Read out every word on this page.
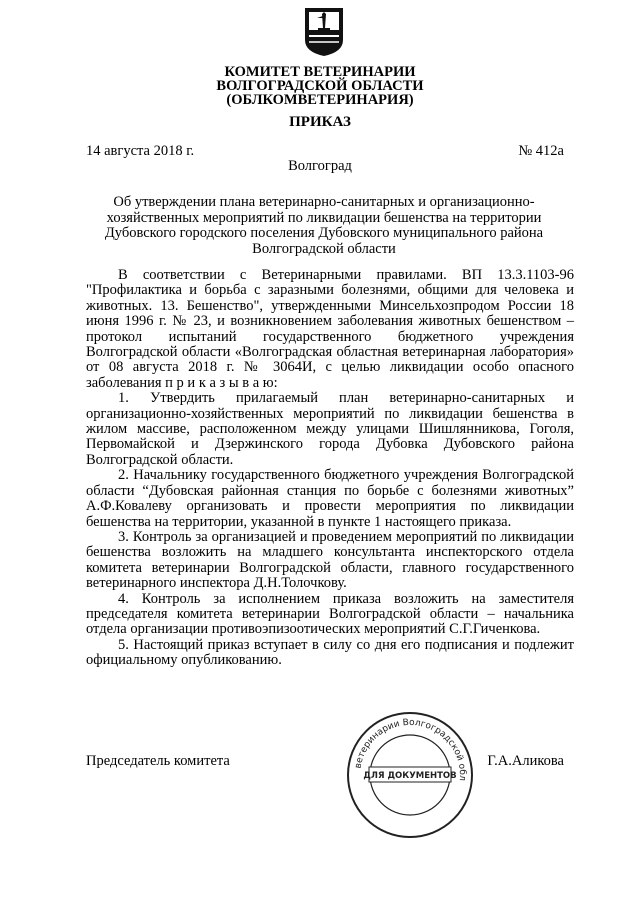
КОМИТЕТ ВЕТЕРИНАРИИ
ВОЛГОГРАДСКОЙ ОБЛАСТИ
(ОБЛКОМВЕТЕРИНАРИЯ)
ПРИКАЗ
14 августа 2018 г.	№ 412а
Волгоград
Об утверждении плана ветеринарно-санитарных и организационно-хозяйственных мероприятий по ликвидации бешенства на территории Дубовского городского поселения Дубовского муниципального района Волгоградской области

В соответствии с Ветеринарными правилами. ВП 13.3.1103-96 "Профилактика и борьба с заразными болезнями, общими для человека и животных. 13. Бешенство", утвержденными Минсельхозпродом России 18 июня 1996 г. № 23, и возникновением заболевания животных бешенством – протокол испытаний государственного бюджетного учреждения Волгоградской области «Волгоградская областная ветеринарная лаборатория» от 08 августа 2018 г. № 3064И, с целью ликвидации особо опасного заболевания п р и к а з ы в а ю:

1. Утвердить прилагаемый план ветеринарно-санитарных и организационно-хозяйственных мероприятий по ликвидации бешенства в жилом массиве, расположенном между улицами Шишлянникова, Гоголя, Первомайской и Дзержинского города Дубовка Дубовского района Волгоградской области.

2. Начальнику государственного бюджетного учреждения Волгоградской области “Дубовская районная станция по борьбе с болезнями животных” А.Ф.Ковалеву организовать и провести мероприятия по ликвидации бешенства на территории, указанной в пункте 1 настоящего приказа.

3. Контроль за организацией и проведением мероприятий по ликвидации бешенства возложить на младшего консультанта инспекторского отдела комитета ветеринарии Волгоградской области, главного государственного ветеринарного инспектора Д.Н.Толочкову.

4. Контроль за исполнением приказа возложить на заместителя председателя комитета ветеринарии Волгоградской области – начальника отдела организации противоэпизоотических мероприятий С.Г.Гиченкова.

5. Настоящий приказ вступает в силу со дня его подписания и подлежит официальному опубликованию.

ветеринарии Волгоградской обл
ДЛЯ ДОКУМЕНТОВ
Председатель комитета	Г.А.Аликова
